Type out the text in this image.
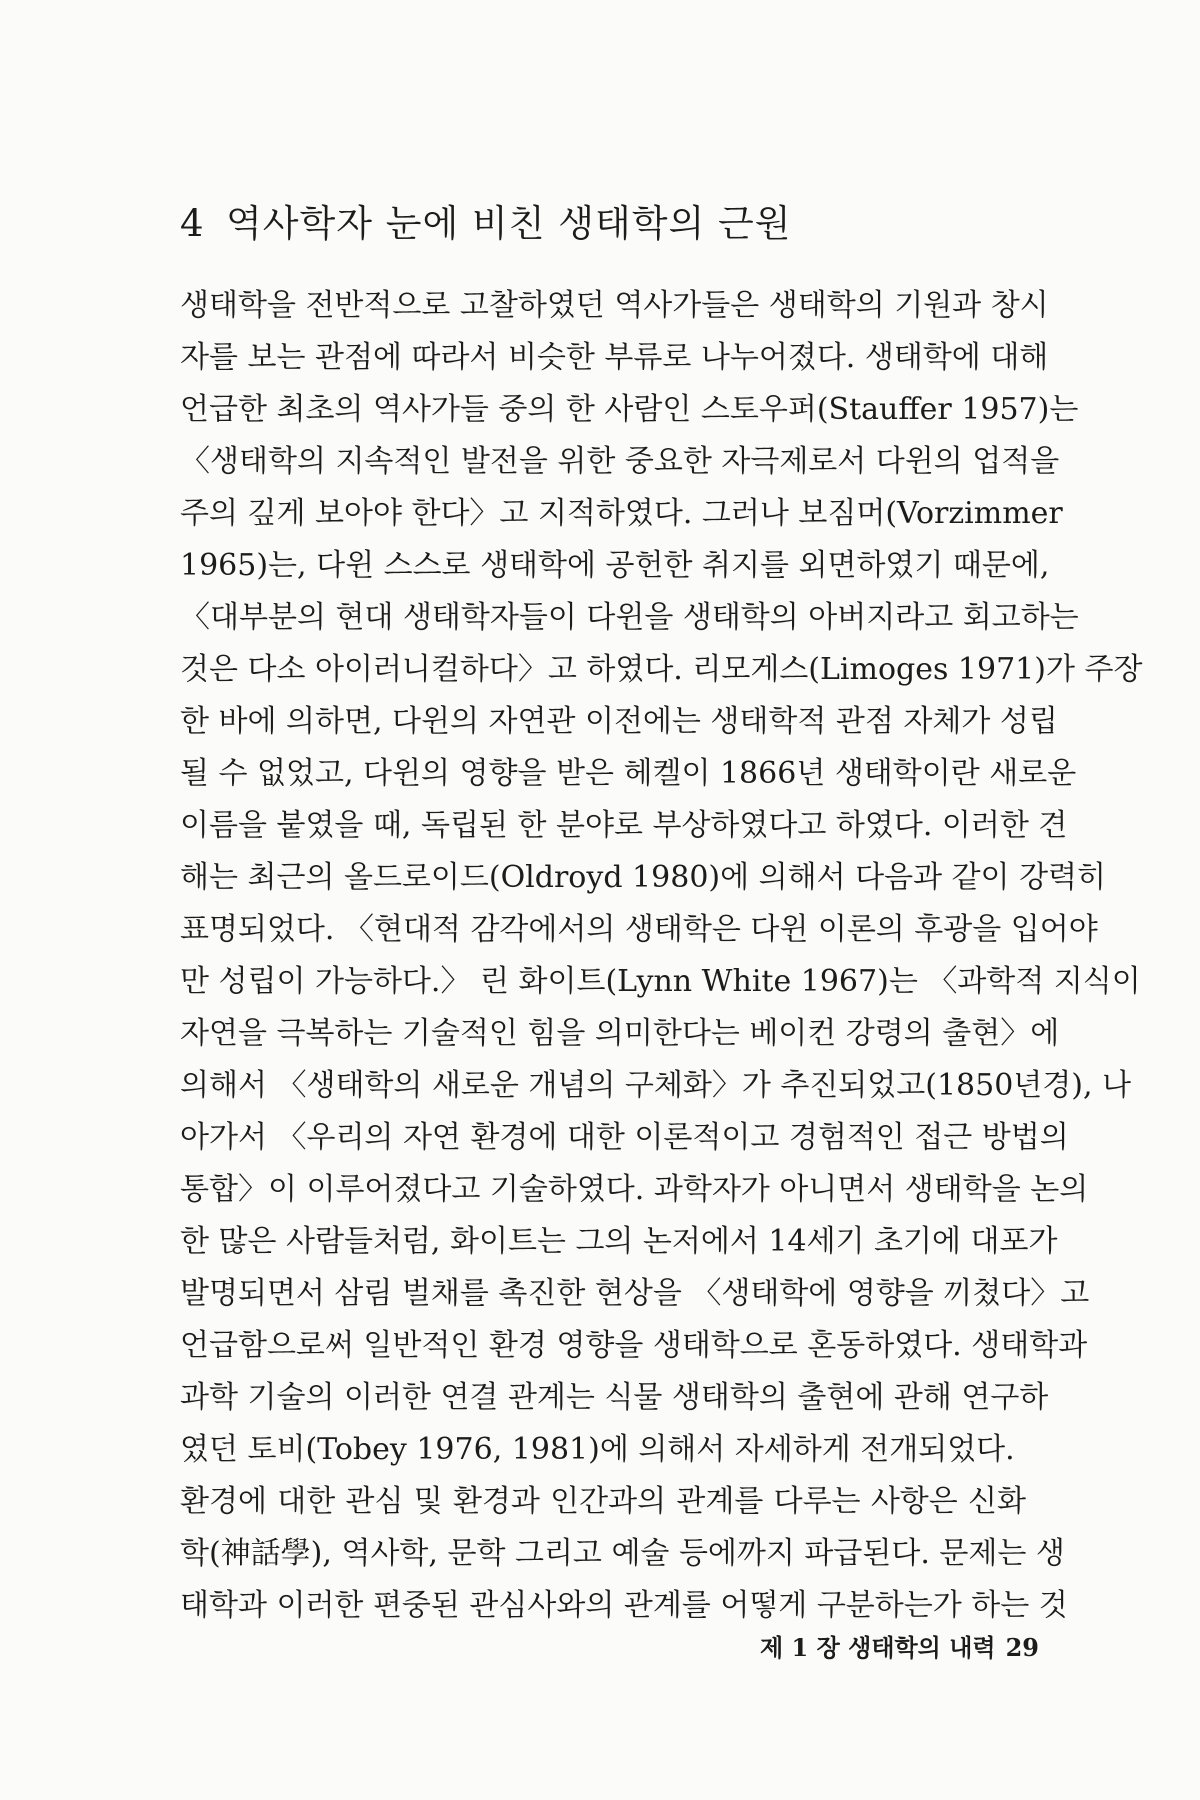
4 역사학자 눈에 비친 생태학의 근원
생태학을 전반적으로 고찰하였던 역사가들은 생태학의 기원과 창시
자를 보는 관점에 따라서 비슷한 부류로 나누어졌다. 생태학에 대해
언급한 최초의 역사가들 중의 한 사람인 스토우퍼(Stauffer 1957)는
〈생태학의 지속적인 발전을 위한 중요한 자극제로서 다윈의 업적을
주의 깊게 보아야 한다〉고 지적하였다. 그러나 보짐머(Vorzimmer
1965)는, 다윈 스스로 생태학에 공헌한 취지를 외면하였기 때문에,
〈대부분의 현대 생태학자들이 다윈을 생태학의 아버지라고 회고하는
것은 다소 아이러니컬하다〉고 하였다. 리모게스(Limoges 1971)가 주장
한 바에 의하면, 다윈의 자연관 이전에는 생태학적 관점 자체가 성립
될 수 없었고, 다윈의 영향을 받은 헤켈이 1866년 생태학이란 새로운
이름을 붙였을 때, 독립된 한 분야로 부상하였다고 하였다. 이러한 견
해는 최근의 올드로이드(Oldroyd 1980)에 의해서 다음과 같이 강력히
표명되었다. 〈현대적 감각에서의 생태학은 다윈 이론의 후광을 입어야
만 성립이 가능하다.〉 린 화이트(Lynn White 1967)는 〈과학적 지식이
자연을 극복하는 기술적인 힘을 의미한다는 베이컨 강령의 출현〉에
의해서 〈생태학의 새로운 개념의 구체화〉가 추진되었고(1850년경), 나
아가서 〈우리의 자연 환경에 대한 이론적이고 경험적인 접근 방법의
통합〉이 이루어졌다고 기술하였다. 과학자가 아니면서 생태학을 논의
한 많은 사람들처럼, 화이트는 그의 논저에서 14세기 초기에 대포가
발명되면서 삼림 벌채를 촉진한 현상을 〈생태학에 영향을 끼쳤다〉고
언급함으로써 일반적인 환경 영향을 생태학으로 혼동하였다. 생태학과
과학 기술의 이러한 연결 관계는 식물 생태학의 출현에 관해 연구하
였던 토비(Tobey 1976, 1981)에 의해서 자세하게 전개되었다.
환경에 대한 관심 및 환경과 인간과의 관계를 다루는 사항은 신화
학(神話學), 역사학, 문학 그리고 예술 등에까지 파급된다. 문제는 생
태학과 이러한 편중된 관심사와의 관계를 어떻게 구분하는가 하는 것
제 1 장 생태학의 내력 29
